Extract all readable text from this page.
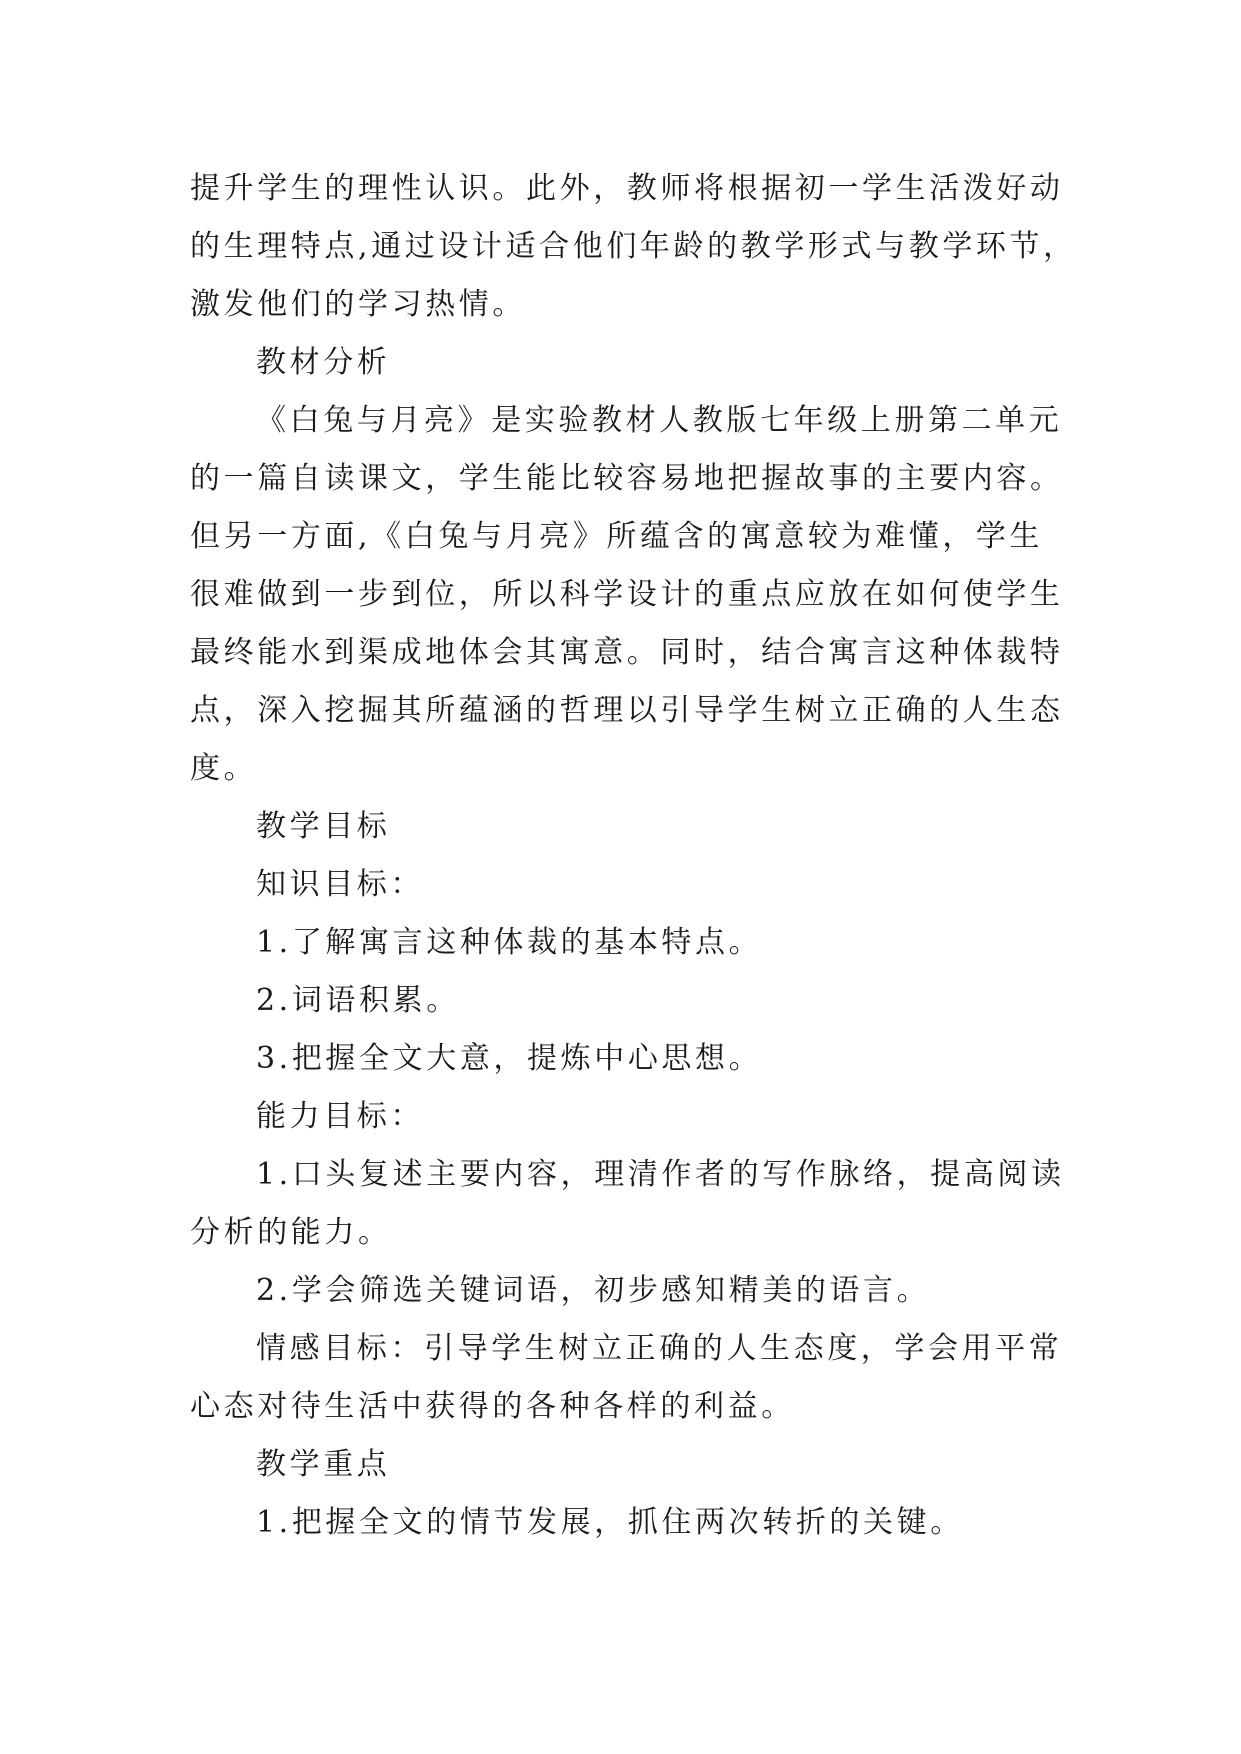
提升学生的理性认识。此外，教师将根据初一学生活泼好动
的生理特点,通过设计适合他们年龄的教学形式与教学环节，
激发他们的学习热情。
教材分析
《白兔与月亮》是实验教材人教版七年级上册第二单元
的一篇自读课文，学生能比较容易地把握故事的主要内容。
但另一方面,《白兔与月亮》所蕴含的寓意较为难懂，学生
很难做到一步到位，所以科学设计的重点应放在如何使学生
最终能水到渠成地体会其寓意。同时，结合寓言这种体裁特
点，深入挖掘其所蕴涵的哲理以引导学生树立正确的人生态
度。
教学目标
知识目标：
1.了解寓言这种体裁的基本特点。
2.词语积累。
3.把握全文大意，提炼中心思想。
能力目标：
1.口头复述主要内容，理清作者的写作脉络，提高阅读
分析的能力。
2.学会筛选关键词语，初步感知精美的语言。
情感目标：引导学生树立正确的人生态度，学会用平常
心态对待生活中获得的各种各样的利益。
教学重点
1.把握全文的情节发展，抓住两次转折的关键。
